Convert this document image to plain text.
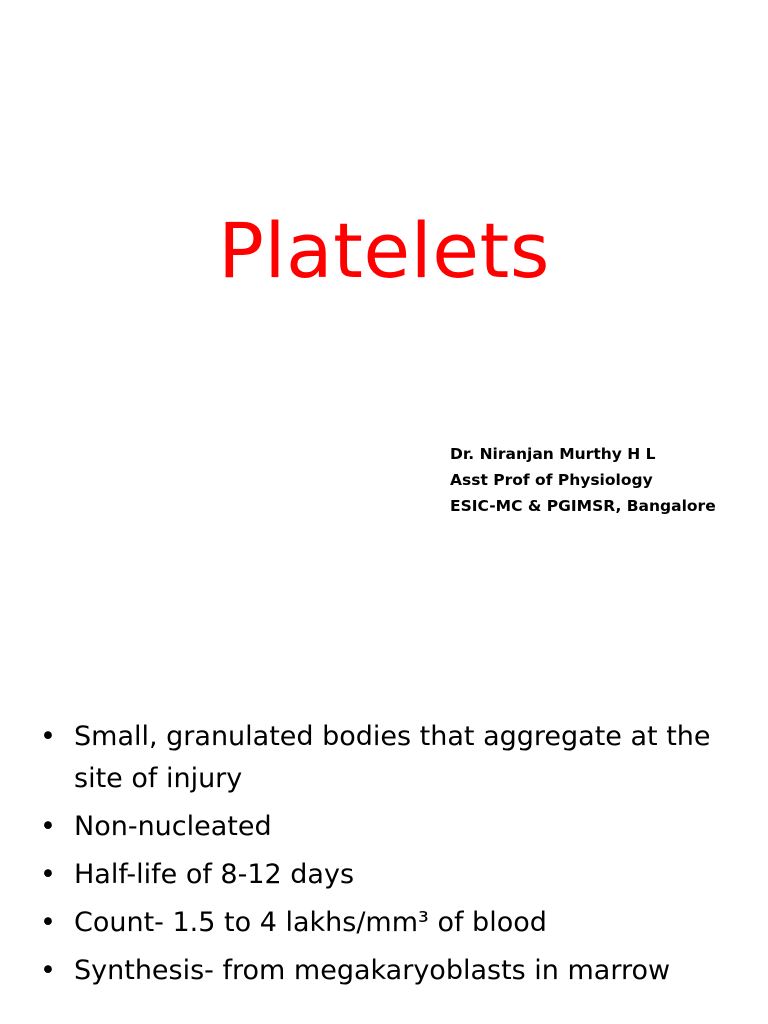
Platelets
Dr. Niranjan Murthy H L
Asst Prof of Physiology
ESIC-MC & PGIMSR, Bangalore
• Small, granulated bodies that aggregate at the site of injury
• Non-nucleated
• Half-life of 8-12 days
• Count- 1.5 to 4 lakhs/mm³ of blood
• Synthesis- from megakaryoblasts in marrow
